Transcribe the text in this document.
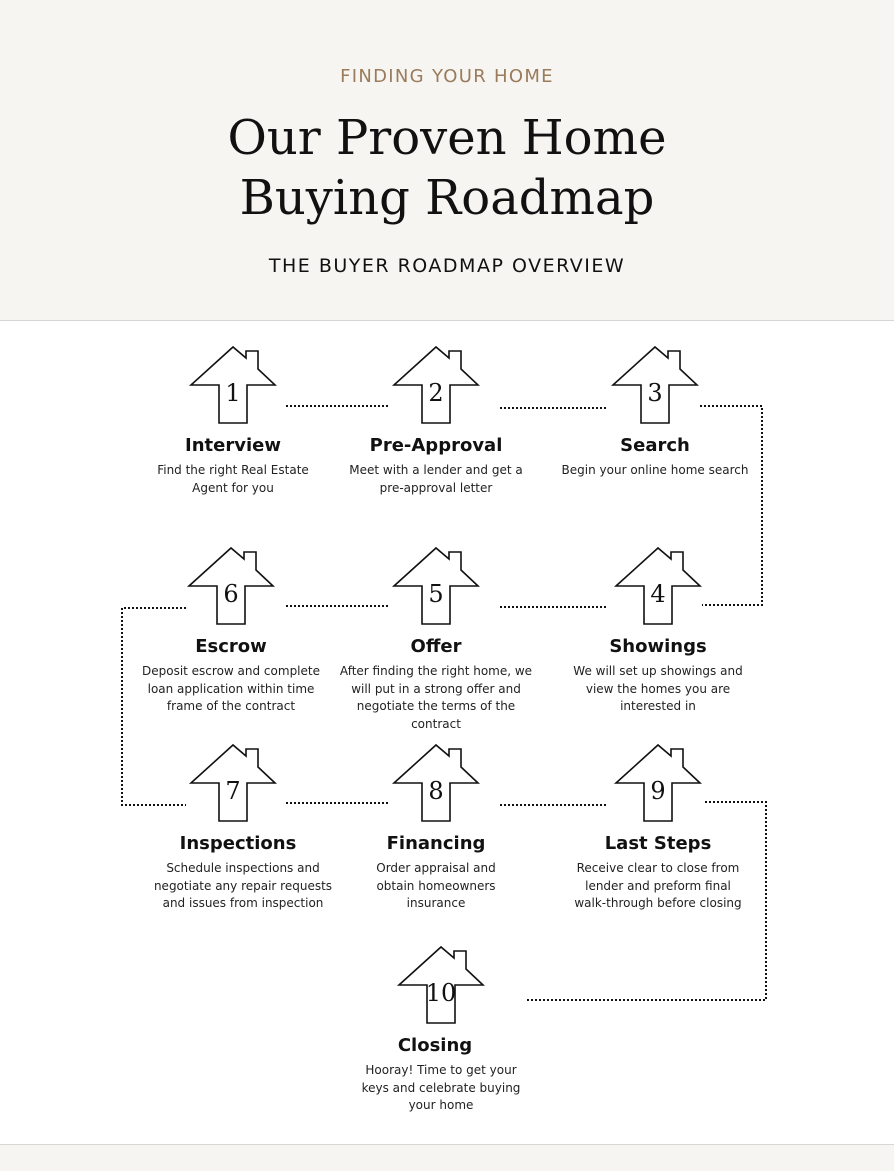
FINDING YOUR HOME
Our Proven Home
Buying Roadmap
THE BUYER ROADMAP OVERVIEW
1
Interview
Find the right Real Estate Agent for you
2
Pre-Approval
Meet with a lender and get a pre-approval letter
3
Search
Begin your online home search
4
Showings
We will set up showings and view the homes you are interested in
5
Offer
After finding the right home, we will put in a strong offer and negotiate the terms of the contract
6
Escrow
Deposit escrow and complete loan application within time frame of the contract
7
Inspections
Schedule inspections and negotiate any repair requests and issues from inspection
8
Financing
Order appraisal and obtain homeowners insurance
9
Last Steps
Receive clear to close from lender and preform final walk-through before closing
10
Closing
Hooray! Time to get your keys and celebrate buying your home
